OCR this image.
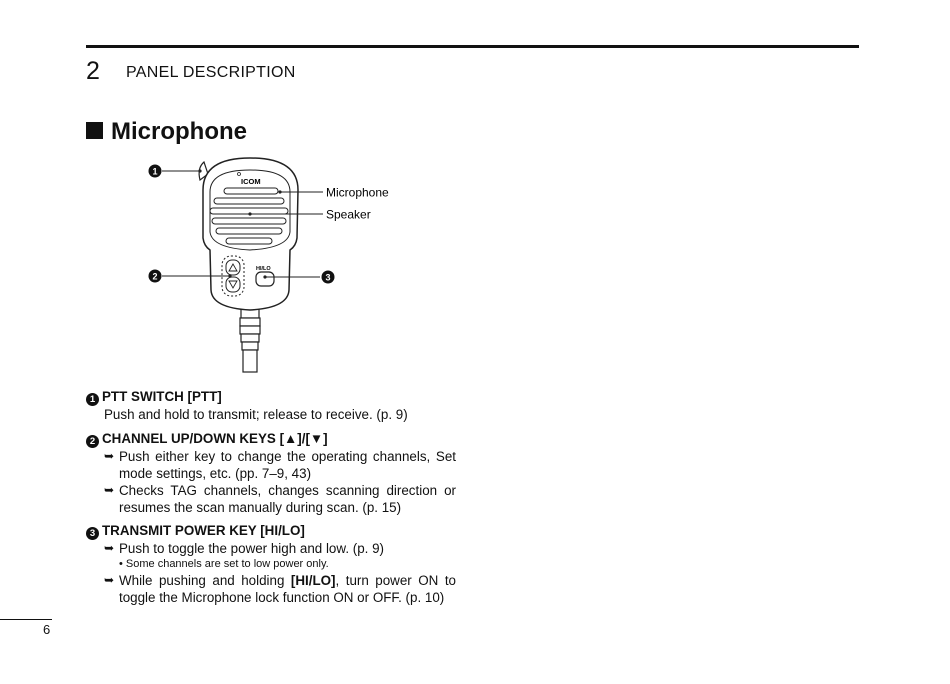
2 PANEL DESCRIPTION
Microphone
ICOM
HI/LO
1
2	3
Microphone
Speaker
1 PTT SWITCH [PTT]
Push and hold to transmit; release to receive. (p. 9)
2 CHANNEL UP/DOWN KEYS [▲]/[▼]
➥ Push either key to change the operating channels, Set mode settings, etc. (pp. 7–9, 43)
➥ Checks TAG channels, changes scanning direction or resumes the scan manually during scan. (p. 15)
3 TRANSMIT POWER KEY [HI/LO]
➥ Push to toggle the power high and low. (p. 9)
• Some channels are set to low power only.
➥ While pushing and holding [HI/LO], turn power ON to toggle the Microphone lock function ON or OFF. (p. 10)
6
